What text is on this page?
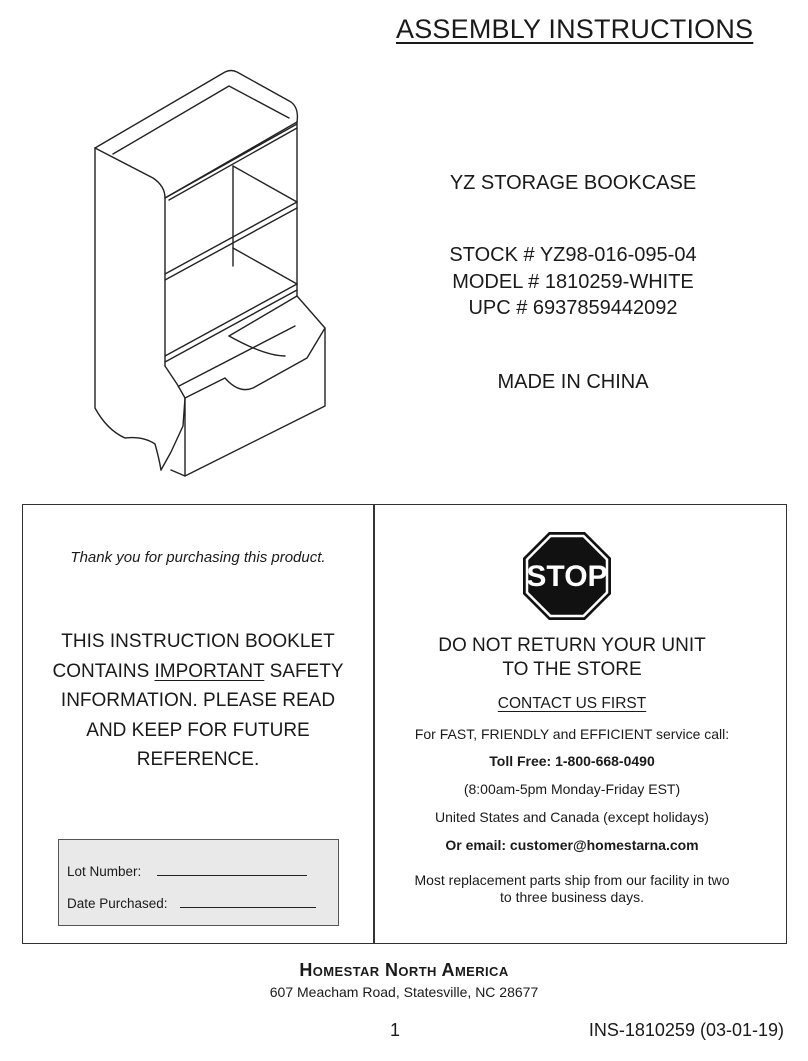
ASSEMBLY INSTRUCTIONS
YZ STORAGE BOOKCASE
STOCK # YZ98-016-095-04
MODEL # 1810259-WHITE
UPC # 6937859442092
MADE IN CHINA
Thank you for purchasing this product.
THIS INSTRUCTION BOOKLET CONTAINS IMPORTANT SAFETY INFORMATION. PLEASE READ AND KEEP FOR FUTURE REFERENCE.
Lot Number:
Date Purchased:
STOP
DO NOT RETURN YOUR UNIT
TO THE STORE
CONTACT US FIRST
For FAST, FRIENDLY and EFFICIENT service call:
Toll Free: 1-800-668-0490
(8:00am-5pm Monday-Friday EST)
United States and Canada (except holidays)
Or email: customer@homestarna.com
Most replacement parts ship from our facility in two
to three business days.
Homestar North America
607 Meacham Road, Statesville, NC 28677
1	INS-1810259 (03-01-19)
